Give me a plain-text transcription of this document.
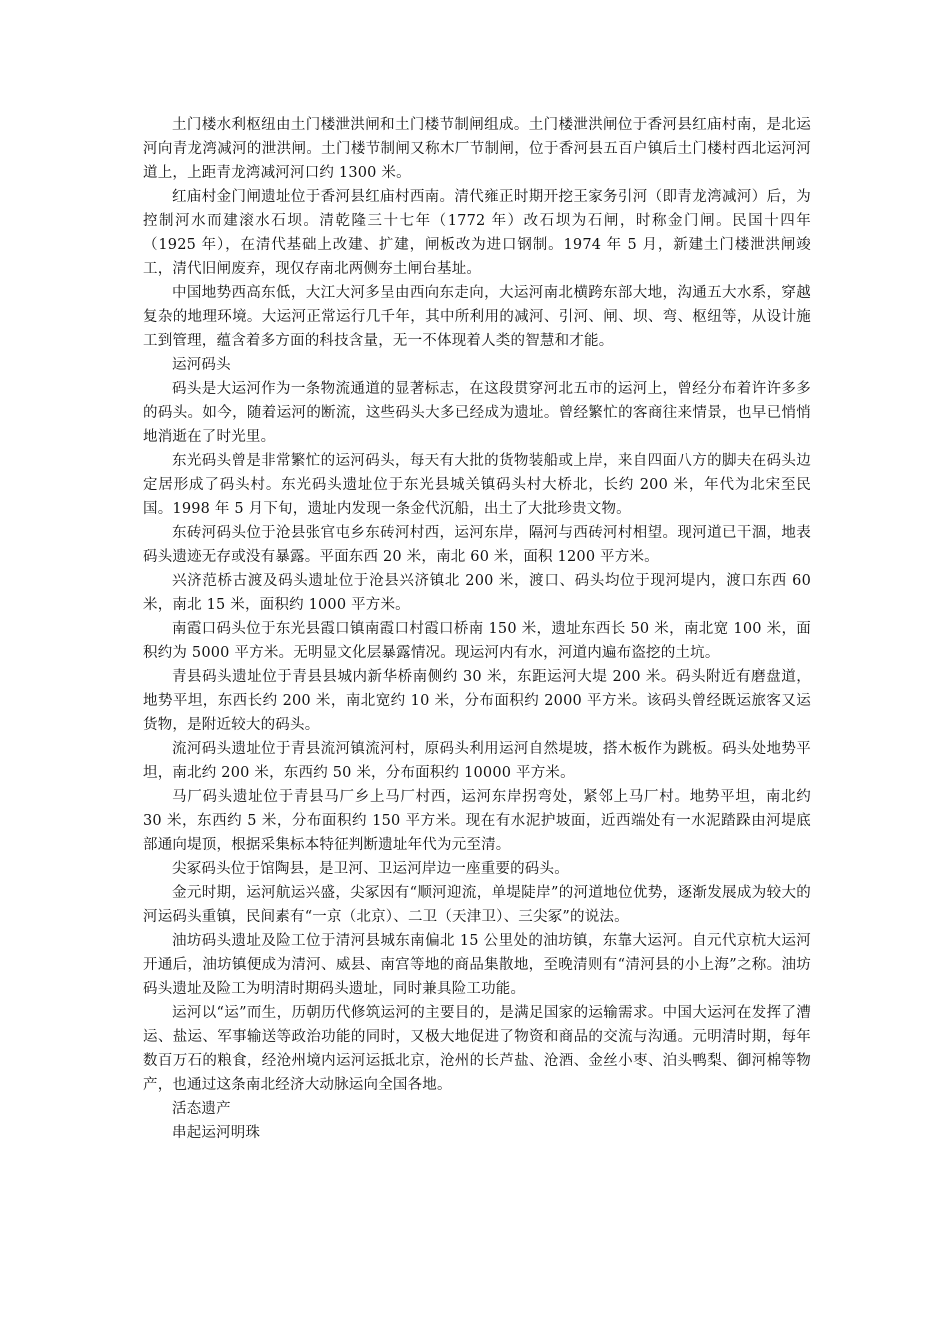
土门楼水利枢纽由土门楼泄洪闸和土门楼节制闸组成。土门楼泄洪闸位于香河县红庙村南，是北运河向青龙湾减河的泄洪闸。土门楼节制闸又称木厂节制闸，位于香河县五百户镇后土门楼村西北运河河道上，上距青龙湾减河河口约 1300 米。

红庙村金门闸遗址位于香河县红庙村西南。清代雍正时期开挖王家务引河（即青龙湾减河）后，为控制河水而建滚水石坝。清乾隆三十七年（1772 年）改石坝为石闸，时称金门闸。民国十四年（1925 年），在清代基础上改建、扩建，闸板改为进口钢制。1974 年 5 月，新建土门楼泄洪闸竣工，清代旧闸废弃，现仅存南北两侧夯土闸台基址。

中国地势西高东低，大江大河多呈由西向东走向，大运河南北横跨东部大地，沟通五大水系，穿越复杂的地理环境。大运河正常运行几千年，其中所利用的减河、引河、闸、坝、弯、枢纽等，从设计施工到管理，蕴含着多方面的科技含量，无一不体现着人类的智慧和才能。

运河码头

码头是大运河作为一条物流通道的显著标志，在这段贯穿河北五市的运河上，曾经分布着许许多多的码头。如今，随着运河的断流，这些码头大多已经成为遗址。曾经繁忙的客商往来情景，也早已悄悄地消逝在了时光里。

东光码头曾是非常繁忙的运河码头，每天有大批的货物装船或上岸，来自四面八方的脚夫在码头边定居形成了码头村。东光码头遗址位于东光县城关镇码头村大桥北，长约 200 米，年代为北宋至民国。1998 年 5 月下旬，遗址内发现一条金代沉船，出土了大批珍贵文物。

东砖河码头位于沧县张官屯乡东砖河村西，运河东岸，隔河与西砖河村相望。现河道已干涸，地表码头遗迹无存或没有暴露。平面东西 20 米，南北 60 米，面积 1200 平方米。

兴济范桥古渡及码头遗址位于沧县兴济镇北 200 米，渡口、码头均位于现河堤内，渡口东西 60 米，南北 15 米，面积约 1000 平方米。

南霞口码头位于东光县霞口镇南霞口村霞口桥南 150 米，遗址东西长 50 米，南北宽 100 米，面积约为 5000 平方米。无明显文化层暴露情况。现运河内有水，河道内遍布盗挖的土坑。

青县码头遗址位于青县县城内新华桥南侧约 30 米，东距运河大堤 200 米。码头附近有磨盘道，地势平坦，东西长约 200 米，南北宽约 10 米，分布面积约 2000 平方米。该码头曾经既运旅客又运货物，是附近较大的码头。

流河码头遗址位于青县流河镇流河村，原码头利用运河自然堤坡，搭木板作为跳板。码头处地势平坦，南北约 200 米，东西约 50 米，分布面积约 10000 平方米。

马厂码头遗址位于青县马厂乡上马厂村西，运河东岸拐弯处，紧邻上马厂村。地势平坦，南北约 30 米，东西约 5 米，分布面积约 150 平方米。现在有水泥护坡面，近西端处有一水泥踏跺由河堤底部通向堤顶，根据采集标本特征判断遗址年代为元至清。

尖冢码头位于馆陶县，是卫河、卫运河岸边一座重要的码头。

金元时期，运河航运兴盛，尖冢因有“顺河迎流，单堤陡岸”的河道地位优势，逐渐发展成为较大的河运码头重镇，民间素有“一京（北京）、二卫（天津卫）、三尖冢”的说法。

油坊码头遗址及险工位于清河县城东南偏北 15 公里处的油坊镇，东靠大运河。自元代京杭大运河开通后，油坊镇便成为清河、威县、南宫等地的商品集散地，至晚清则有“清河县的小上海”之称。油坊码头遗址及险工为明清时期码头遗址，同时兼具险工功能。

运河以“运”而生，历朝历代修筑运河的主要目的，是满足国家的运输需求。中国大运河在发挥了漕运、盐运、军事输送等政治功能的同时，又极大地促进了物资和商品的交流与沟通。元明清时期，每年数百万石的粮食，经沧州境内运河运抵北京，沧州的长芦盐、沧酒、金丝小枣、泊头鸭梨、御河棉等物产，也通过这条南北经济大动脉运向全国各地。

活态遗产

串起运河明珠
